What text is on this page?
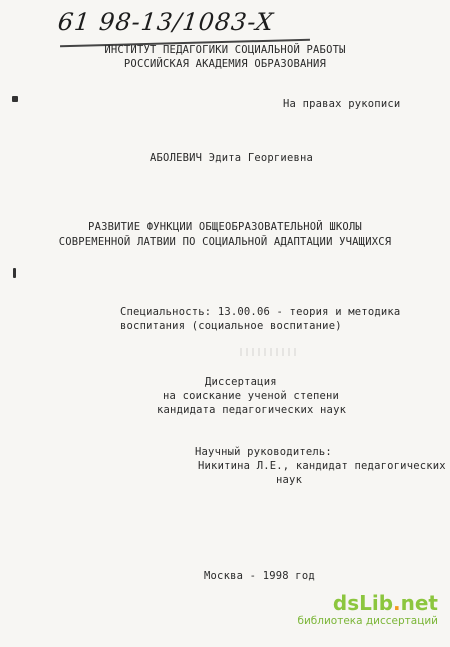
61 98-13/1083-X
ИНСТИТУТ ПЕДАГОГИКИ СОЦИАЛЬНОЙ РАБОТЫ
РОССИЙСКАЯ АКАДЕМИЯ ОБРАЗОВАНИЯ
На правах рукописи
АБОЛЕВИЧ Эдита Георгиевна
РАЗВИТИЕ ФУНКЦИИ ОБЩЕОБРАЗОВАТЕЛЬНОЙ ШКОЛЫ
СОВРЕМЕННОЙ ЛАТВИИ ПО СОЦИАЛЬНОЙ АДАПТАЦИИ УЧАЩИХСЯ
Специальность: 13.00.06 - теория и методика
воспитания (социальное воспитание)
Диссертация
на соискание ученой степени
кандидата педагогических наук
Научный руководитель:
Никитина Л.Е., кандидат педагогических
наук
Москва - 1998 год
dsLib.net
библиотека диссертаций
